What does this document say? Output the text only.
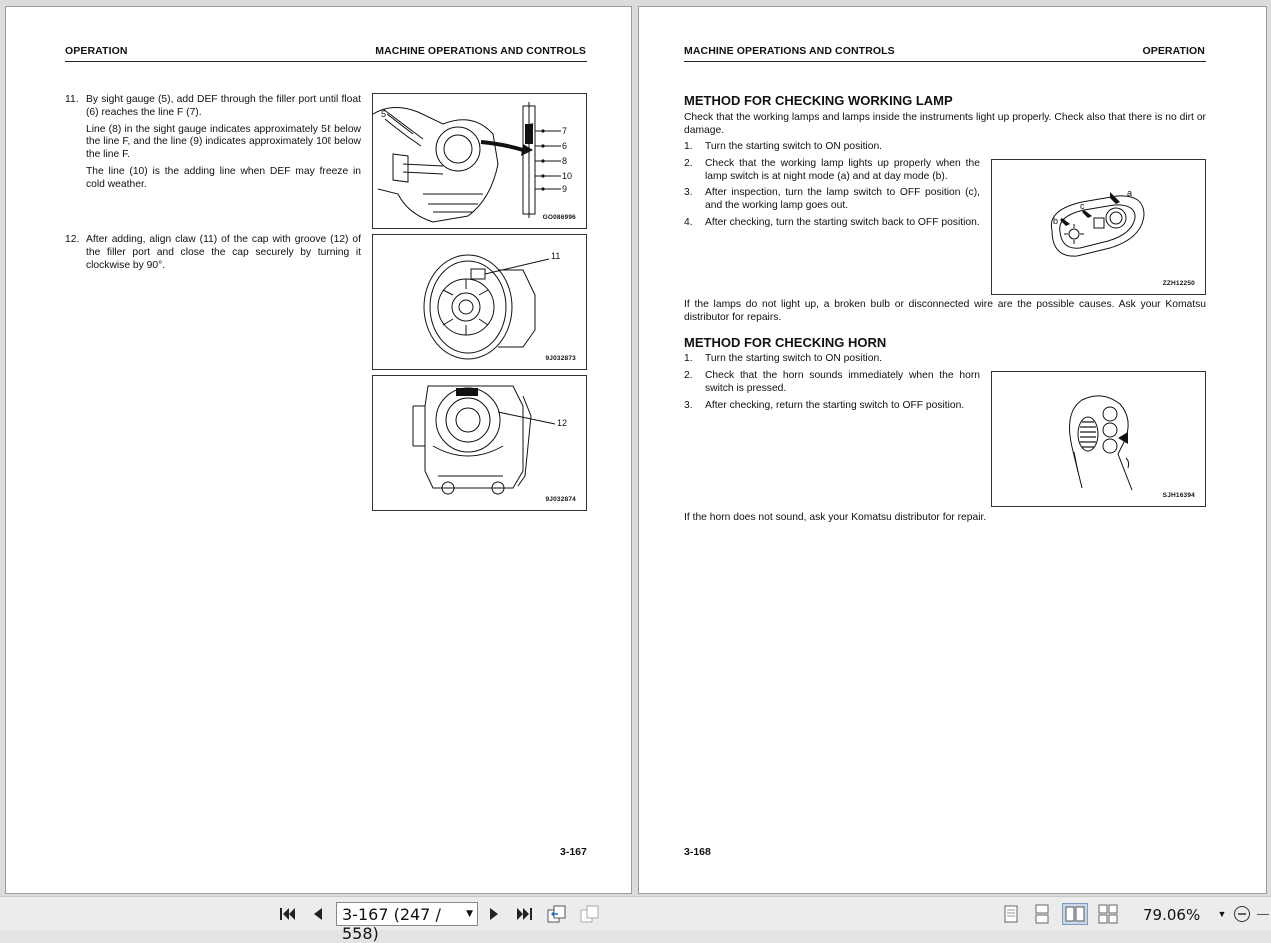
OPERATION	MACHINE OPERATIONS AND CONTROLS
11. By sight gauge (5), add DEF through the filler port until float (6) reaches the line F (7).

Line (8) in the sight gauge indicates approximately 5ℓ below the line F, and the line (9) indicates approximately 10ℓ below the line F.

The line (10) is the adding line when DEF may freeze in cold weather.

12. After adding, align claw (11) of the cap with groove (12) of the filler port and close the cap securely by turning it clockwise by 90°.

5
7
6
8
10
9
F
GO086996
11
9J032873
12
9J032874
3-167
MACHINE OPERATIONS AND CONTROLS	OPERATION
METHOD FOR CHECKING WORKING LAMP
Check that the working lamps and lamps inside the instruments light up properly. Check also that there is no dirt or damage.
1. Turn the starting switch to ON position.
2. Check that the working lamp lights up properly when the lamp switch is at night mode (a) and at day mode (b).
3. After inspection, turn the lamp switch to OFF position (c), and the working lamp goes out.
4. After checking, turn the starting switch back to OFF position.
a
b
c
ZZH12250
If the lamps do not light up, a broken bulb or disconnected wire are the possible causes. Ask your Komatsu distributor for repairs.
METHOD FOR CHECKING HORN
1. Turn the starting switch to ON position.
2. Check that the horn sounds immediately when the horn switch is pressed.
3. After checking, return the starting switch to OFF position.
SJH16394
If the horn does not sound, ask your Komatsu distributor for repair.
3-168
3-167 (247 / 558)
▼	79.06% ▼
